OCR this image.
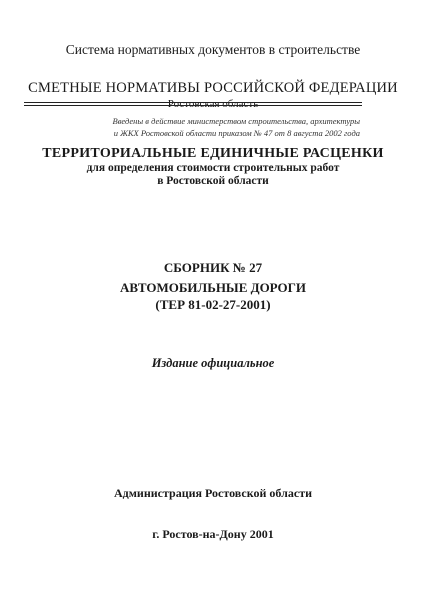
Система нормативных документов в строительстве
СМЕТНЫЕ НОРМАТИВЫ РОССИЙСКОЙ ФЕДЕРАЦИИ
Ростовская область
Введены в действие министерством строительства, архитектуры
и ЖКХ Ростовской области приказом № 47 от 8 августа 2002 года
ТЕРРИТОРИАЛЬНЫЕ ЕДИНИЧНЫЕ РАСЦЕНКИ
для определения стоимости строительных работ
в Ростовской области
СБОРНИК № 27
АВТОМОБИЛЬНЫЕ ДОРОГИ
(ТЕР 81-02-27-2001)
Издание официальное
Администрация Ростовской области
г. Ростов-на-Дону 2001
